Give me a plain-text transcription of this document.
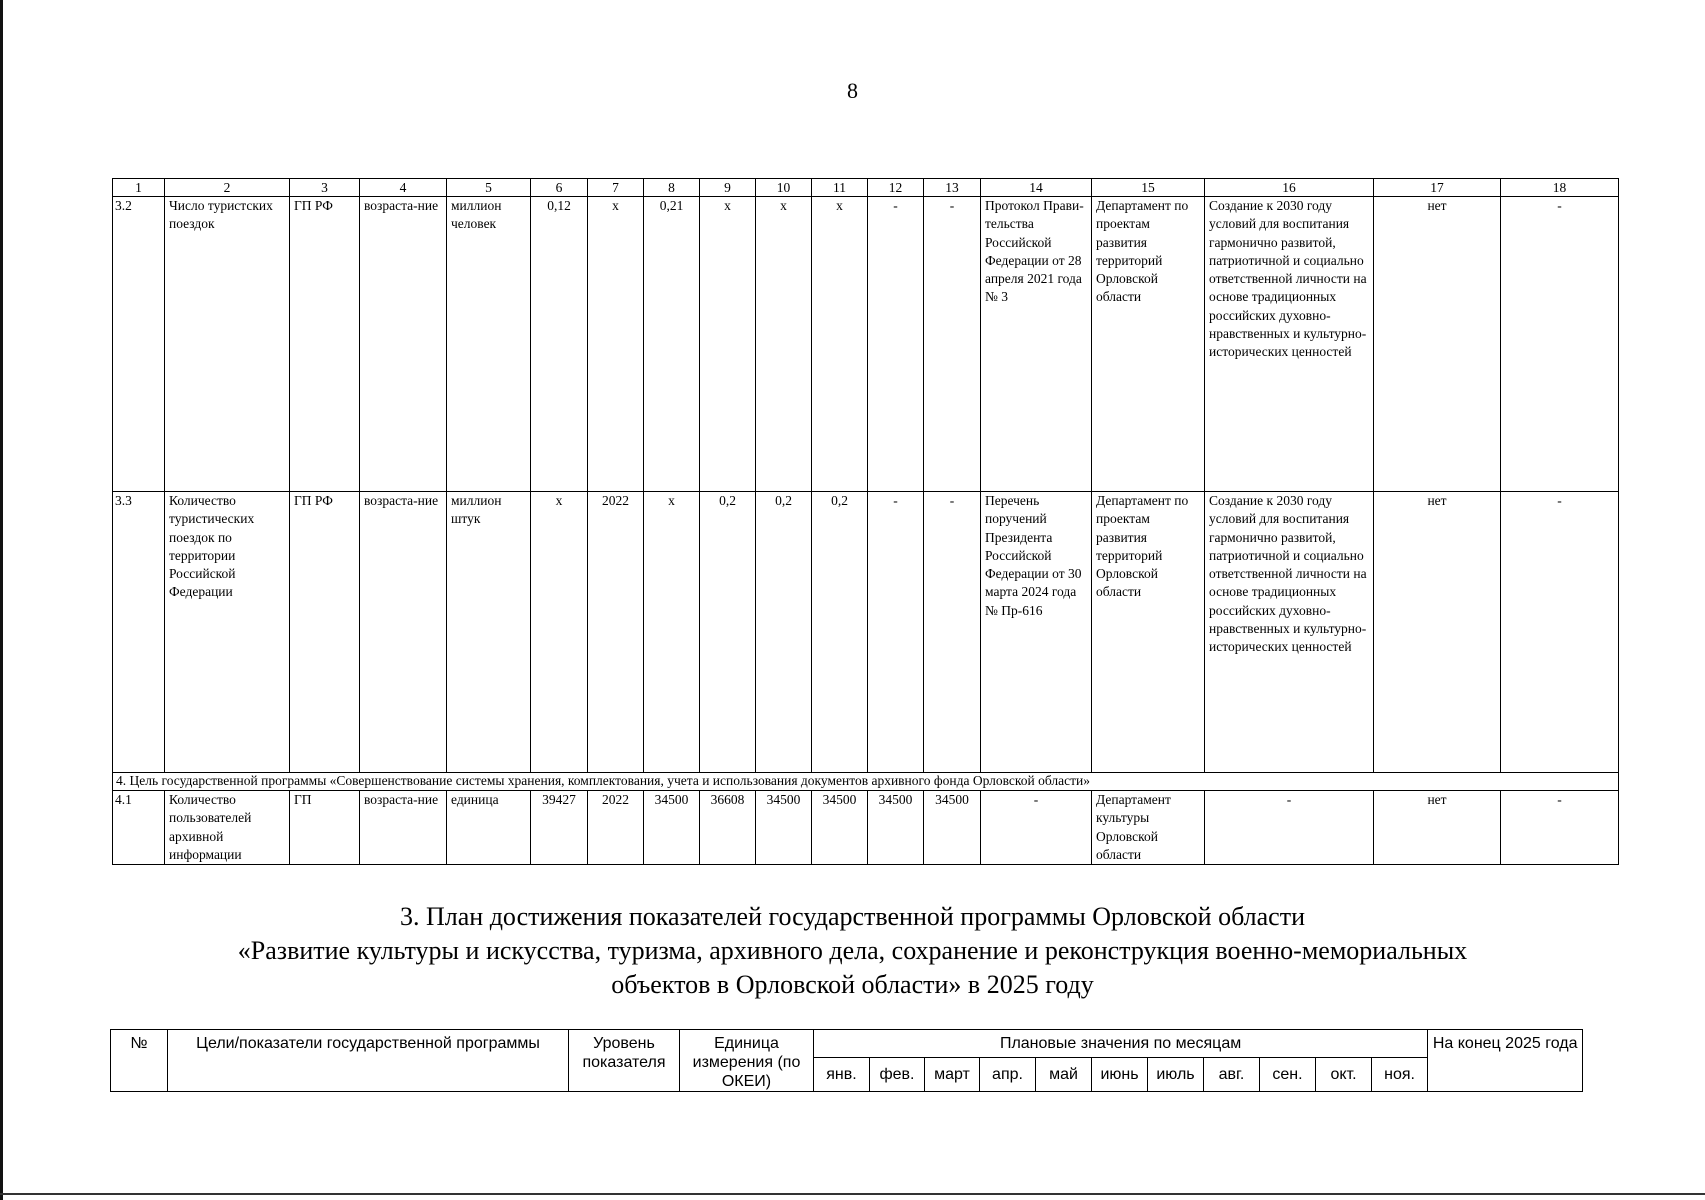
8
1	2	3	4	5	6	7	8	9	10	11	12	13	14	15	16	17	18
3.2	Число туристских поездок	ГП РФ	возраста-ние	миллион человек	0,12	х	0,21	х	х	х	-	-	Протокол Прави-тельства Российской Федерации от 28 апреля 2021 года № 3	Департамент по проектам развития территорий Орловской области	Создание к 2030 году условий для воспитания гармонично развитой, патриотичной и социально ответственной личности на основе традиционных российских духовно-нравственных и культурно-исторических ценностей	нет	-
3.3	Количество туристических поездок по территории Российской Федерации	ГП РФ	возраста-ние	миллион штук	х	2022	х	0,2	0,2	0,2	-	-	Перечень поручений Президента Российской Федерации от 30 марта 2024 года № Пр-616	Департамент по проектам развития территорий Орловской области	Создание к 2030 году условий для воспитания гармонично развитой, патриотичной и социально ответственной личности на основе традиционных российских духовно-нравственных и культурно-исторических ценностей	нет	-
4. Цель государственной программы «Совершенствование системы хранения, комплектования, учета и использования документов архивного фонда Орловской области»																	
4.1	Количество пользователей архивной информации	ГП	возраста-ние	единица	39427	2022	34500	36608	34500	34500	34500	34500	-	Департамент культуры Орловской области	-	нет	-
3. План достижения показателей государственной программы Орловской области
«Развитие культуры и искусства, туризма, архивного дела, сохранение и реконструкция военно-мемориальных
объектов в Орловской области» в 2025 году
№	Цели/показатели государственной программы	Уровень показателя	Единица измерения (по ОКЕИ)	Плановые значения по месяцам											На конец 2025 года
				янв.	фев.	март	апр.	май	июнь	июль	авг.	сен.	окт.	ноя.	
